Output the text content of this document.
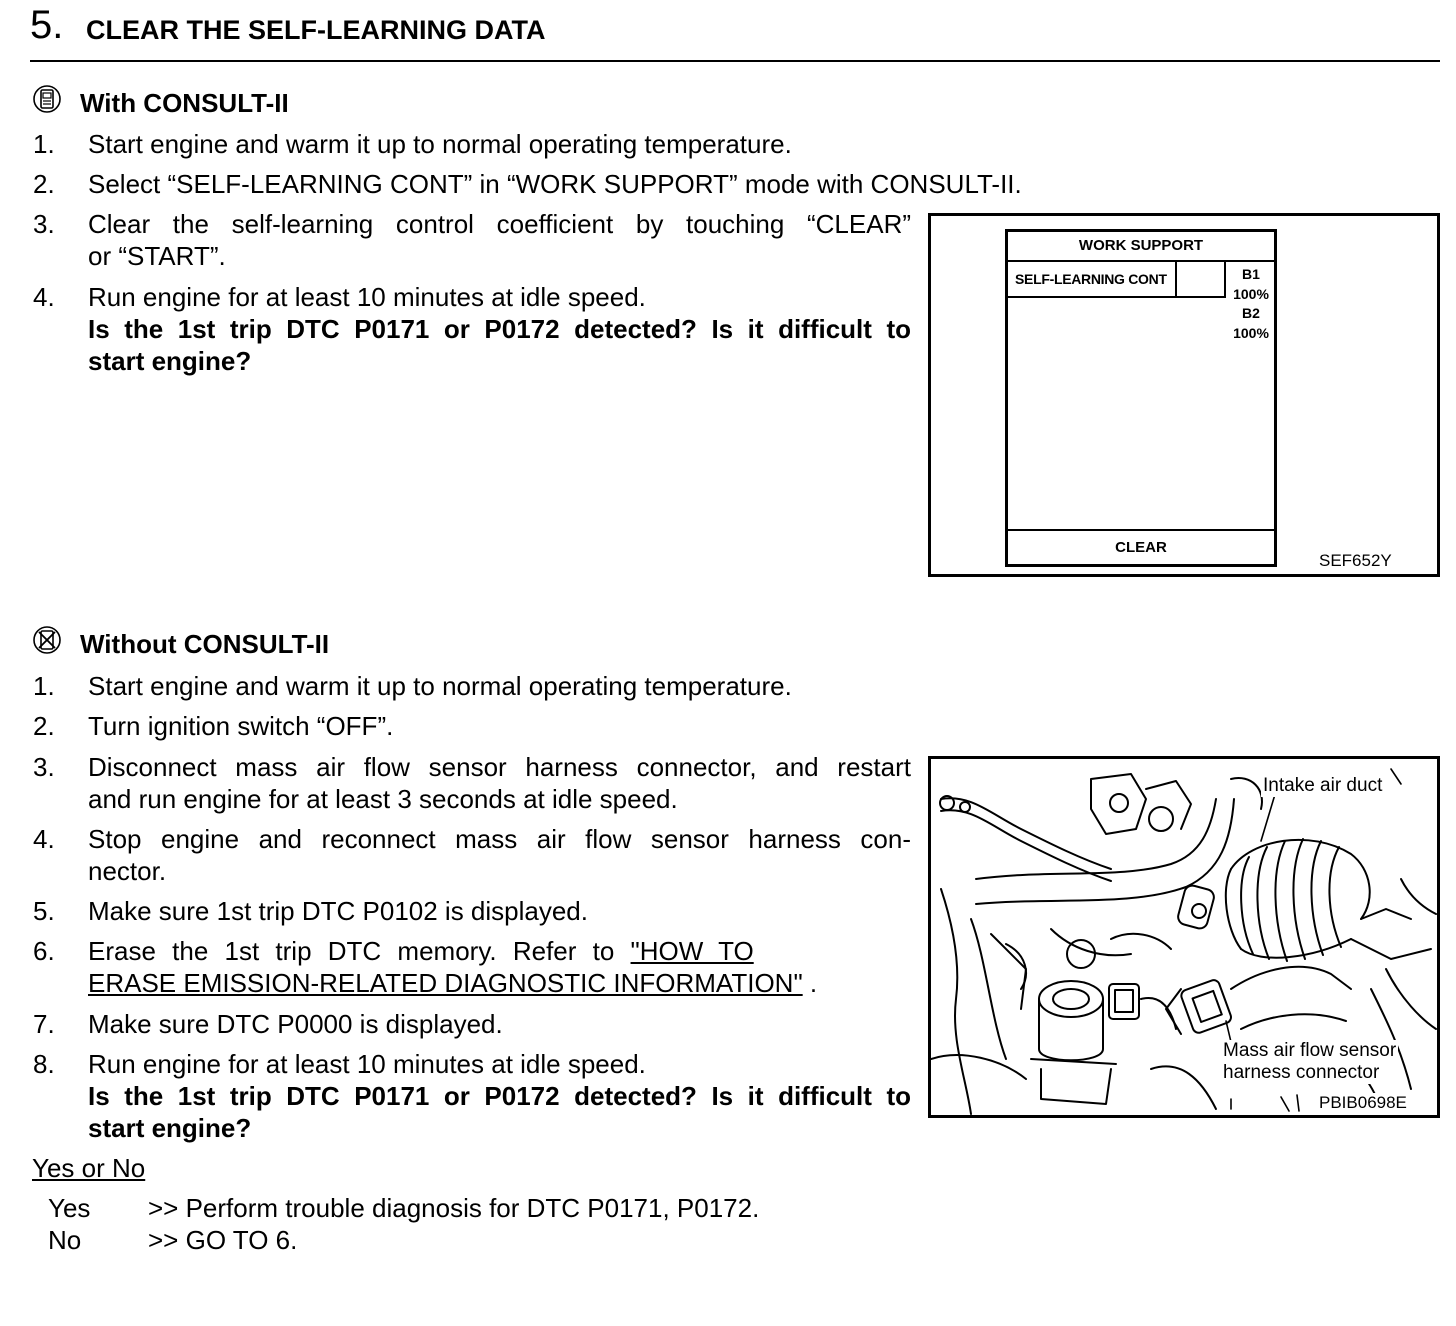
5. CLEAR THE SELF-LEARNING DATA
With CONSULT-II
1. Start engine and warm it up to normal operating temperature.
2. Select “SELF-LEARNING CONT” in “WORK SUPPORT” mode with CONSULT-II.
3. Clear the self-learning control coefficient by touching “CLEAR”
or “START”.
4. Run engine for at least 10 minutes at idle speed.
Is the 1st trip DTC P0171 or P0172 detected? Is it difficult to
start engine?
WORK SUPPORT
SELF-LEARNING CONT	B1
100%
B2
100%
CLEAR
SEF652Y
Without CONSULT-II
1. Start engine and warm it up to normal operating temperature.
2. Turn ignition switch “OFF”.
3. Disconnect mass air flow sensor harness connector, and restart
and run engine for at least 3 seconds at idle speed.
4. Stop engine and reconnect mass air flow sensor harness con-
nector.
5. Make sure 1st trip DTC P0102 is displayed.
6. Erase the 1st trip DTC memory. Refer to "HOW TO
ERASE EMISSION-RELATED DIAGNOSTIC INFORMATION" .
7. Make sure DTC P0000 is displayed.
8. Run engine for at least 10 minutes at idle speed.
Is the 1st trip DTC P0171 or P0172 detected? Is it difficult to
start engine?
Intake air duct
Mass air flow sensor
harness connector
PBIB0698E
Yes or No
Yes >> Perform trouble diagnosis for DTC P0171, P0172.
No	>> GO TO 6.
